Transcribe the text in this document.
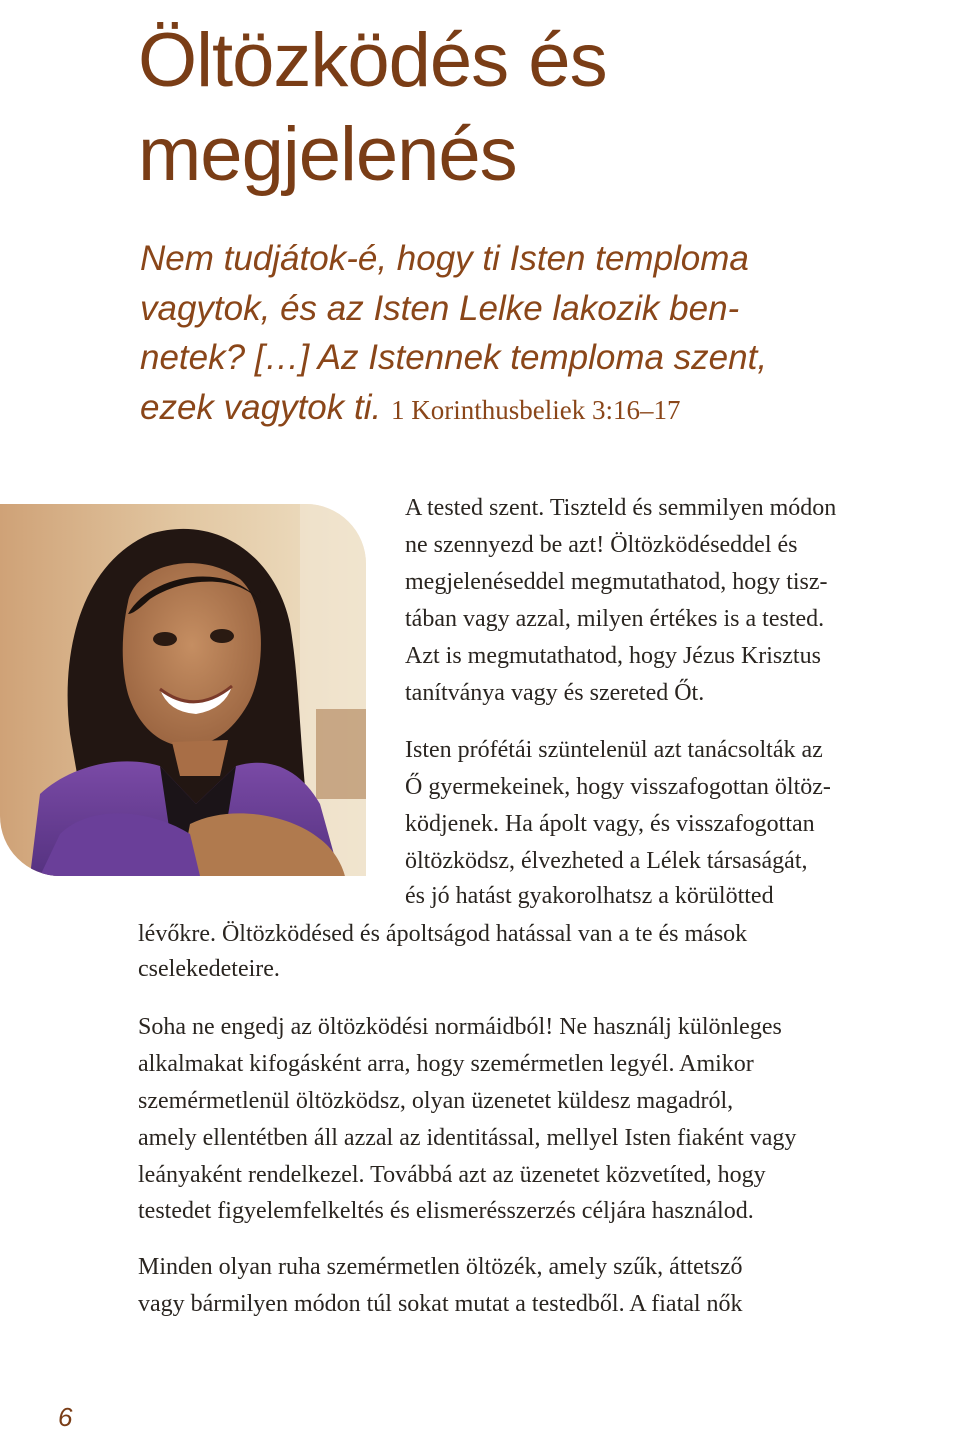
Öltözködés és
megjelenés

Nem tudjátok-é, hogy ti Isten temploma
vagytok, és az Isten Lelke lakozik ben-
netek? […] Az Istennek temploma szent,
ezek vagytok ti. 1 Korinthusbeliek 3:16–17

A tested szent. Tiszteld és semmilyen módon

ne szennyezd be azt! Öltözködéseddel és

megjelenéseddel megmutathatod, hogy tisz-

tában vagy azzal, milyen értékes is a tested.

Azt is megmutathatod, hogy Jézus Krisztus

tanítványa vagy és szereted Őt.

Isten prófétái szüntelenül azt tanácsolták az

Ő gyermekeinek, hogy visszafogottan öltöz-

ködjenek. Ha ápolt vagy, és visszafogottan

öltözködsz, élvezheted a Lélek társaságát,

és jó hatást gyakorolhatsz a körülötted

lévőkre. Öltözködésed és ápoltságod hatással van a te és mások

cselekedeteire.

Soha ne engedj az öltözködési normáidból! Ne használj különleges

alkalmakat kifogásként arra, hogy szemérmetlen legyél. Amikor

szemérmetlenül öltözködsz, olyan üzenetet küldesz magadról,

amely ellentétben áll azzal az identitással, mellyel Isten fiaként vagy

leányaként rendelkezel. Továbbá azt az üzenetet közvetíted, hogy

testedet figyelemfelkeltés és elismerésszerzés céljára használod.

Minden olyan ruha szemérmetlen öltözék, amely szűk, áttetsző

vagy bármilyen módon túl sokat mutat a testedből. A fiatal nők

6
